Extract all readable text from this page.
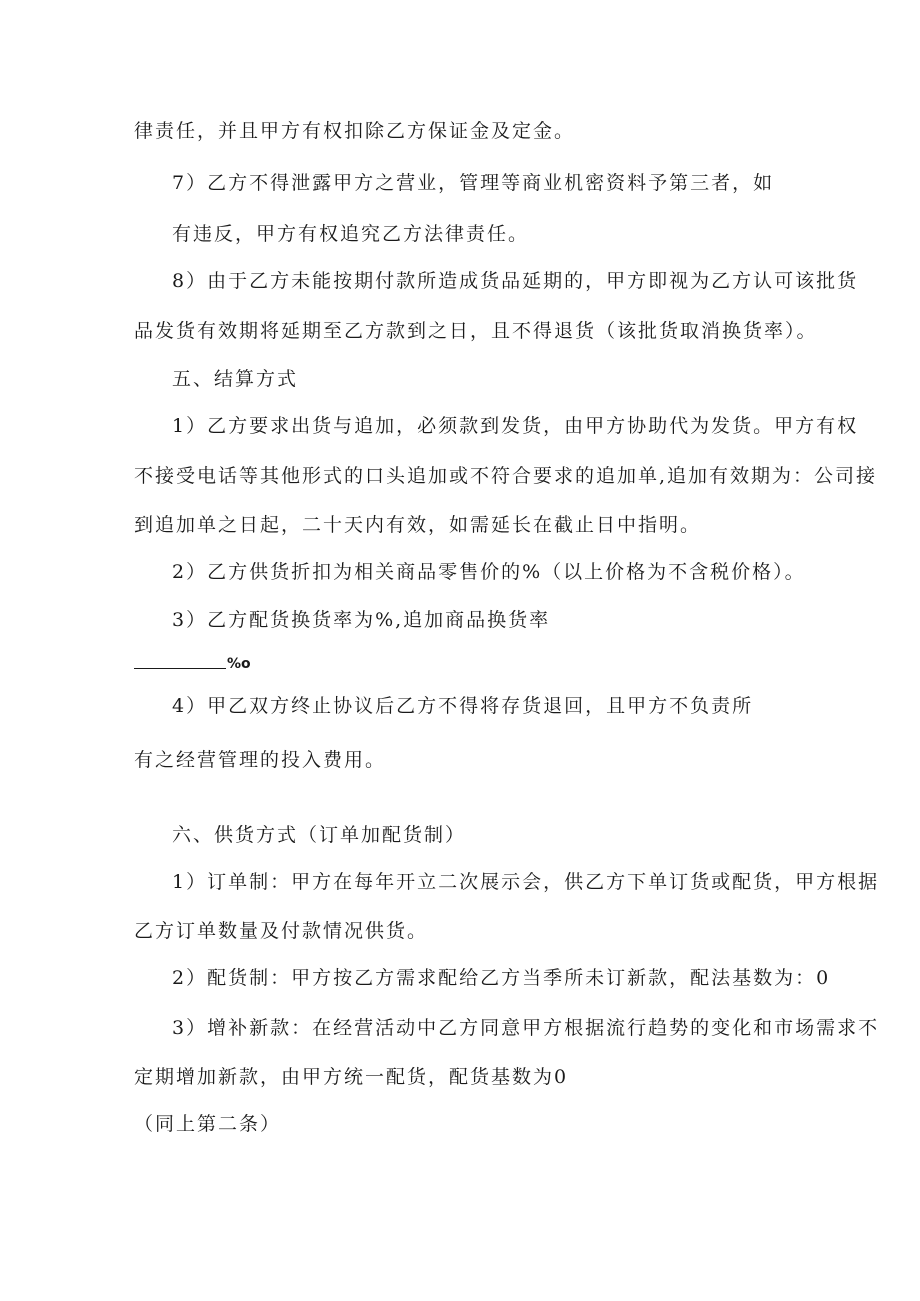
律责任，并且甲方有权扣除乙方保证金及定金。
7）乙方不得泄露甲方之营业，管理等商业机密资料予第三者，如
有违反，甲方有权追究乙方法律责任。
8）由于乙方未能按期付款所造成货品延期的，甲方即视为乙方认可该批货
品发货有效期将延期至乙方款到之日，且不得退货（该批货取消换货率）。
五、结算方式
1）乙方要求出货与追加，必须款到发货，由甲方协助代为发货。甲方有权
不接受电话等其他形式的口头追加或不符合要求的追加单,追加有效期为：公司接
到追加单之日起，二十天内有效，如需延长在截止日中指明。
2）乙方供货折扣为相关商品零售价的%（以上价格为不含税价格）。
3）乙方配货换货率为%,追加商品换货率
%o
4）甲乙双方终止协议后乙方不得将存货退回，且甲方不负责所
有之经营管理的投入费用。
六、供货方式（订单加配货制）
1）订单制：甲方在每年开立二次展示会，供乙方下单订货或配货，甲方根据
乙方订单数量及付款情况供货。
2）配货制：甲方按乙方需求配给乙方当季所未订新款，配法基数为：0
3）增补新款：在经营活动中乙方同意甲方根据流行趋势的变化和市场需求不
定期增加新款，由甲方统一配货，配货基数为0
（同上第二条）
